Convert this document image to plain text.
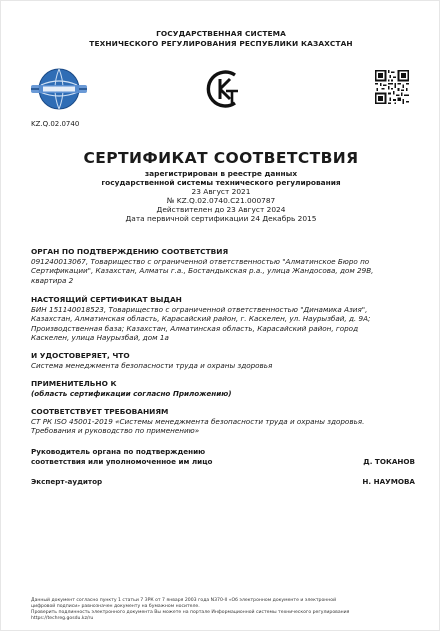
ГОСУДАРСТВЕННАЯ СИСТЕМА
ТЕХНИЧЕСКОГО РЕГУЛИРОВАНИЯ РЕСПУБЛИКИ КАЗАХСТАН
KZ.Q.02.0740
СЕРТИФИКАТ СООТВЕТСТВИЯ
зарегистрирован в реестре данных
государственной системы технического регулирования
23 Август 2021
№ KZ.Q.02.0740.C21.000787
Действителен до 23 Август 2024
Дата первичной сертификации 24 Декабрь 2015
ОРГАН ПО ПОДТВЕРЖДЕНИЮ СООТВЕТСТВИЯ
091240013067, Товарищество с ограниченной ответственностью "Алматинское Бюро по
Сертификации", Казахстан, Алматы г.а., Бостандыкская р.а., улица Жандосова, дом 29В,
квартира 2
НАСТОЯЩИЙ СЕРТИФИКАТ ВЫДАН
БИН 151140018523, Товарищество с ограниченной ответственностью "Динамика Азия",
Казахстан, Алматинская область, Карасайский район, г. Каскелен, ул. Наурызбай, д. 9А;
Производственная база; Казахстан, Алматинская область, Карасайский район, город
Каскелен, улица Наурызбай, дом 1а
И УДОСТОВЕРЯЕТ, ЧТО
Система менеджмента безопасности труда и охраны здоровья
ПРИМЕНИТЕЛЬНО К
(область сертификации согласно Приложению)
СООТВЕТСТВУЕТ ТРЕБОВАНИЯМ
СТ РК ISO 45001-2019 «Системы менеджмента безопасности труда и охраны здоровья.
Требования и руководство по применению»
Руководитель органа по подтверждению
соответствия или уполномоченное им лицо	Д. ТОКАНОВ
Эксперт-аудитор	Н. НАУМОВА
Данный документ согласно пункту 1 статьи 7 ЗРК от 7 января 2003 года N370-II «Об электронном документе и электронной
цифровой подписи» равнозначен документу на бумажном носителе.
Проверить подлинность электронного документа Вы можете на портале Информационной системы технического регулирования
https://techreg.gosdu.kz/ru
